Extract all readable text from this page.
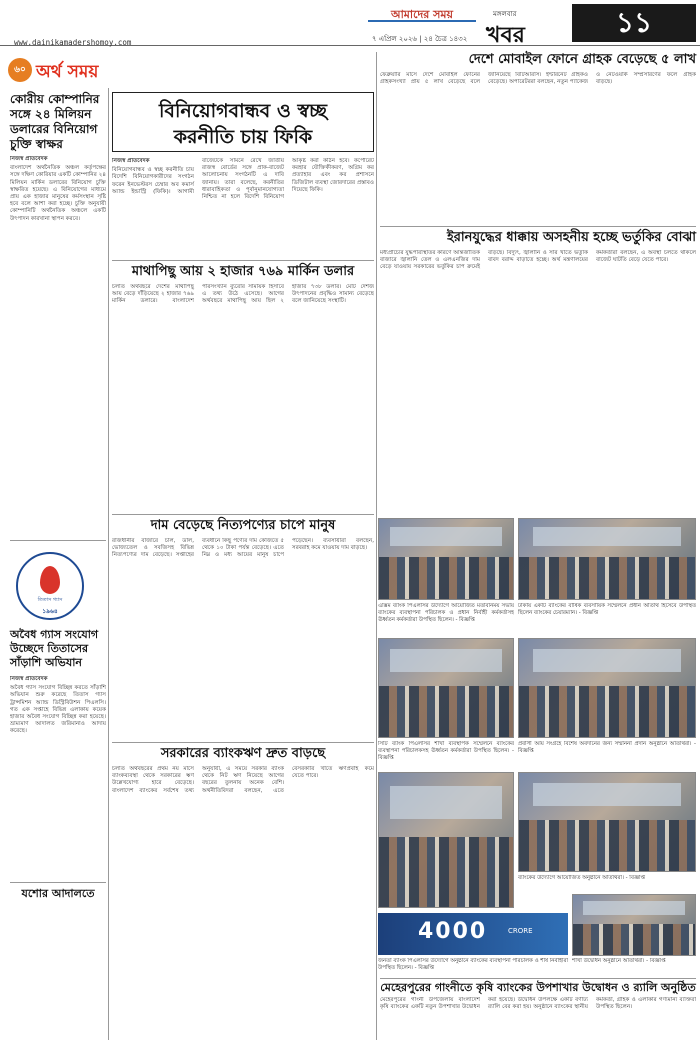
আমাদের সময়	মঙ্গলবার
৭ এপ্রিল ২০২৬ | ২৪ চৈত্র ১৪৩২ খবর	১১
www.dainikamadershomoy.com
৬০ অর্থ সময়
কোরীয় কোম্পানির সঙ্গে ২৪ মিলিয়ন ডলারের বিনিয়োগ চুক্তি স্বাক্ষর

নিজস্ব প্রতিবেদক

বাংলাদেশ অর্থনৈতিক অঞ্চল কর্তৃপক্ষের সঙ্গে দক্ষিণ কোরিয়ার একটি কোম্পানির ২৪ মিলিয়ন মার্কিন ডলারের বিনিয়োগ চুক্তি স্বাক্ষরিত হয়েছে। এ বিনিয়োগের মাধ্যমে প্রায় এক হাজার মানুষের কর্মসংস্থান সৃষ্টি হবে বলে আশা করা হচ্ছে। চুক্তি অনুযায়ী কোম্পানিটি অর্থনৈতিক অঞ্চলে একটি উৎপাদন কারখানা স্থাপন করবে।

বিনিয়োগবান্ধব ও স্বচ্ছ
করনীতি চায় ফিকি

নিজস্ব প্রতিবেদক

বিনিয়োগবান্ধব ও স্বচ্ছ করনীতি চায় বিদেশি বিনিয়োগকারীদের সংগঠন ফরেন ইনভেস্টরস চেম্বার অব কমার্স অ্যান্ড ইন্ডাস্ট্রি (ফিকি)। আগামী বাজেটকে সামনে রেখে জাতীয় রাজস্ব বোর্ডের সঙ্গে প্রাক-বাজেট আলোচনায় সংগঠনটি এ দাবি জানায়। তারা বলেছে, করনীতির ধারাবাহিকতা ও পূর্বানুমানযোগ্যতা নিশ্চিত না হলে বিদেশি বিনিয়োগ আকৃষ্ট করা কঠিন হবে। কর্পোরেট করহার যৌক্তিকীকরণ, অগ্রিম কর প্রত্যাহার এবং কর প্রশাসনে ডিজিটাল ব্যবস্থা জোরদারের প্রস্তাবও দিয়েছে ফিকি।

মাথাপিছু আয় ২ হাজার ৭৬৯ মার্কিন ডলার

চলতি অর্থবছরে দেশের মাথাপিছু আয় বেড়ে দাঁড়িয়েছে ২ হাজার ৭৬৯ মার্কিন ডলারে। বাংলাদেশ পরিসংখ্যান ব্যুরোর সাময়িক হিসাবে এ তথ্য উঠে এসেছে। আগের অর্থবছরে মাথাপিছু আয় ছিল ২ হাজার ৭৩৮ ডলার। মোট দেশজ উৎপাদনের প্রবৃদ্ধিও সামান্য বেড়েছে বলে জানিয়েছে সংস্থাটি।

দাম বেড়েছে নিত্যপণ্যের চাপে মানুষ

রাজধানীর বাজারে চাল, ডাল, ভোজ্যতেল ও সবজিসহ বিভিন্ন নিত্যপণ্যের দাম বেড়েছে। সপ্তাহের ব্যবধানে কিছু পণ্যের দাম কেজিতে ৫ থেকে ১০ টাকা পর্যন্ত বেড়েছে। এতে নিম্ন ও মধ্য আয়ের মানুষ চাপে পড়েছেন। ব্যবসায়ীরা বলছেন, সরবরাহ কমে যাওয়ায় দাম বাড়ছে।

সরকারের ব্যাংকঋণ দ্রুত বাড়ছে

চলতি অর্থবছরের প্রথম নয় মাসে ব্যাংকব্যবস্থা থেকে সরকারের ঋণ উল্লেখযোগ্য হারে বেড়েছে। বাংলাদেশ ব্যাংকের সর্বশেষ তথ্য অনুযায়ী, এ সময়ে সরকার ব্যাংক থেকে নিট ঋণ নিয়েছে আগের বছরের তুলনায় অনেক বেশি। অর্থনীতিবিদরা বলছেন, এতে বেসরকারি খাতে ঋণপ্রবাহ কমে যেতে পারে।

তিতাস গ্যাস
১৯৬৪
অবৈধ গ্যাস সংযোগ উচ্ছেদে তিতাসের সাঁড়াশি অভিযান

নিজস্ব প্রতিবেদক

অবৈধ গ্যাস সংযোগ বিচ্ছিন্ন করতে সাঁড়াশি অভিযান শুরু করেছে তিতাস গ্যাস ট্রান্সমিশন অ্যান্ড ডিস্ট্রিবিউশন পিএলসি। গত এক সপ্তাহে বিভিন্ন এলাকায় কয়েক হাজার অবৈধ সংযোগ বিচ্ছিন্ন করা হয়েছে। ভ্রাম্যমাণ আদালত জরিমানাও আদায় করেছে।

যশোর আদালতে
দেশে মোবাইল ফোনে গ্রাহক বেড়েছে ৫ লাখ

ফেব্রুয়ারি মাসে দেশে মোবাইল ফোনের গ্রাহকসংখ্যা প্রায় ৫ লাখ বেড়েছে বলে জানিয়েছে বিটিআরসি। ইন্টারনেট গ্রাহকও বেড়েছে। অপারেটররা বলছেন, নতুন প্যাকেজ ও নেটওয়ার্ক সম্প্রসারণের ফলে গ্রাহক বাড়ছে।

ইরানযুদ্ধের ধাক্কায় অসহনীয় হচ্ছে ভর্তুকির বোঝা

মধ্যপ্রাচ্যের যুদ্ধপরিস্থিতির কারণে আন্তর্জাতিক বাজারে জ্বালানি তেল ও এলএনজির দাম বেড়ে যাওয়ায় সরকারের ভর্তুকির চাপ ক্রমেই বাড়ছে। বিদ্যুৎ, জ্বালানি ও সার খাতে ভর্তুকি বাবদ বরাদ্দ বাড়াতে হচ্ছে। অর্থ মন্ত্রণালয়ের কর্মকর্তারা বলছেন, এ অবস্থা চলতে থাকলে বাজেট ঘাটতি বেড়ে যেতে পারে।

এক্সিম ব্যাংক পিএলসির উদ্যোগে আয়োজিত মতবিনিময় সভায় ব্যাংকের ব্যবস্থাপনা পরিচালক ও প্রধান নির্বাহী কর্মকর্তাসহ ঊর্ধ্বতন কর্মকর্তারা উপস্থিত ছিলেন। - বিজ্ঞপ্তি
ঢাকায় একটি ব্যাংকের বার্ষিক ব্যবসায়িক সম্মেলনে প্রধান অতিথি হিসেবে উপস্থিত ছিলেন ব্যাংকের চেয়ারম্যান। - বিজ্ঞপ্তি
সিটি ব্যাংক পিএলসির শাখা ব্যবস্থাপক সম্মেলনে ব্যাংকের ব্যবস্থাপনা পরিচালকসহ ঊর্ধ্বতন কর্মকর্তারা উপস্থিত ছিলেন। - বিজ্ঞপ্তি
প্রবাসী আয় সংগ্রহে বিশেষ অবদানের জন্য সম্মাননা প্রদান অনুষ্ঠানে অতিথিরা। - বিজ্ঞপ্তি
ব্যাংকের উদ্যোগে আয়োজিত অনুষ্ঠানে অতিথিরা। - বিজ্ঞপ্তি
4000	CRORE
জনতা ব্যাংক পিএলসির উদ্যোগে অনুষ্ঠানে ব্যাংকের ব্যবস্থাপনা পরিচালক ও শীর্ষ নির্বাহীরা উপস্থিত ছিলেন। - বিজ্ঞপ্তি
শাখা উদ্বোধন অনুষ্ঠানে অতিথিরা। - বিজ্ঞপ্তি
মেহেরপুরের গাংনীতে কৃষি ব্যাংকের উপশাখার উদ্বোধন ও র‍্যালি অনুষ্ঠিত

মেহেরপুরের গাংনী উপজেলায় বাংলাদেশ কৃষি ব্যাংকের একটি নতুন উপশাখার উদ্বোধন করা হয়েছে। উদ্বোধন উপলক্ষে একটি বর্ণাঢ্য র‍্যালি বের করা হয়। অনুষ্ঠানে ব্যাংকের স্থানীয় কর্মকর্তা, গ্রাহক ও এলাকার গণ্যমান্য ব্যক্তিরা উপস্থিত ছিলেন।
